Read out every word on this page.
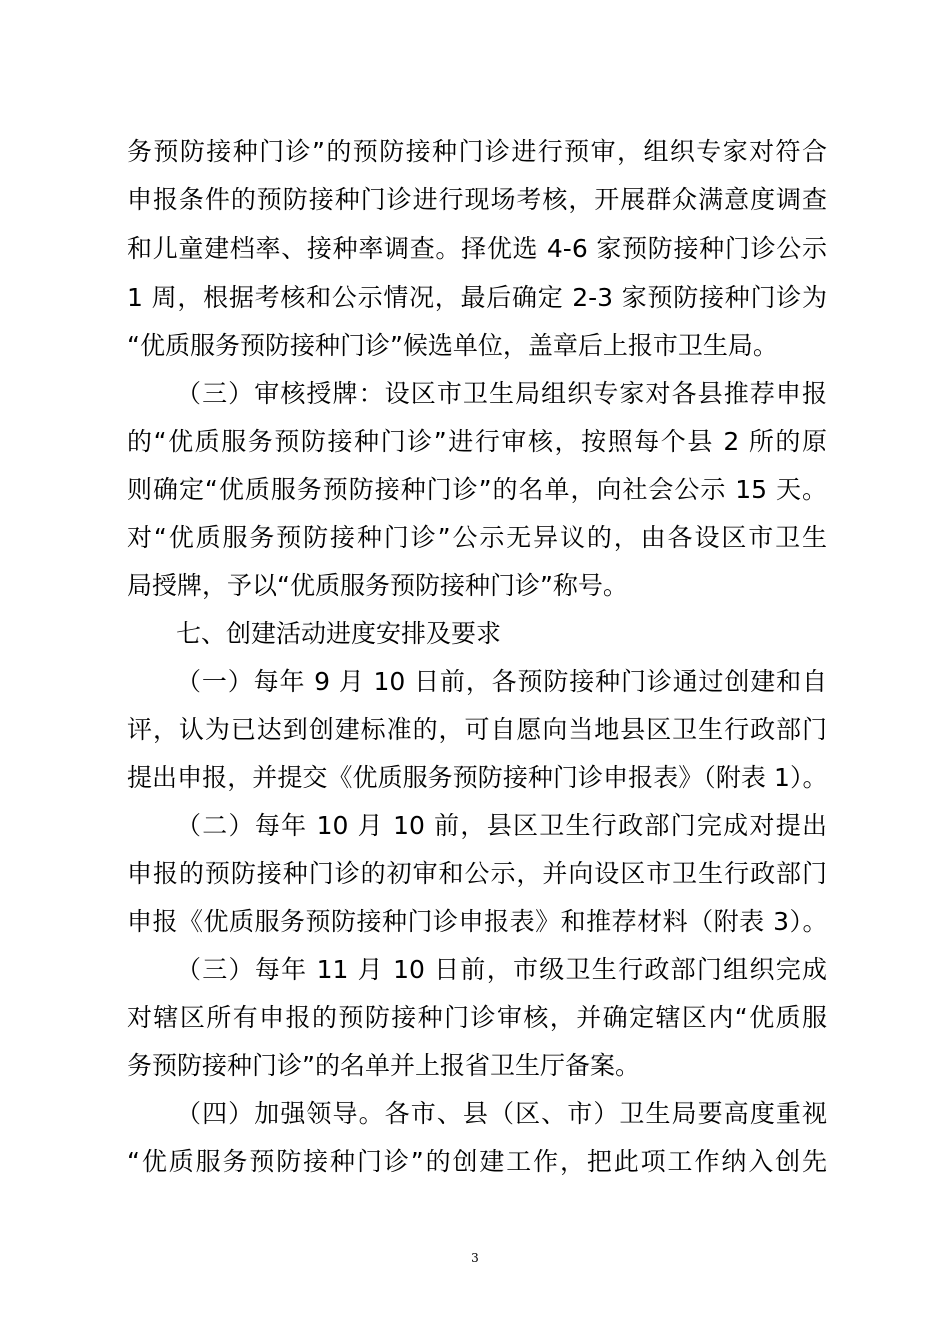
务预防接种门诊”的预防接种门诊进行预审，组织专家对符合
申报条件的预防接种门诊进行现场考核，开展群众满意度调查
和儿童建档率、接种率调查。择优选 4-6 家预防接种门诊公示
1 周，根据考核和公示情况，最后确定 2-3 家预防接种门诊为
“优质服务预防接种门诊”候选单位，盖章后上报市卫生局。
（三）审核授牌：设区市卫生局组织专家对各县推荐申报
的“优质服务预防接种门诊”进行审核，按照每个县 2 所的原
则确定“优质服务预防接种门诊”的名单，向社会公示 15 天。
对“优质服务预防接种门诊”公示无异议的，由各设区市卫生
局授牌，予以“优质服务预防接种门诊”称号。
七、创建活动进度安排及要求
（一）每年 9 月 10 日前，各预防接种门诊通过创建和自
评，认为已达到创建标准的，可自愿向当地县区卫生行政部门
提出申报，并提交《优质服务预防接种门诊申报表》（附表 1）。
（二）每年 10 月 10 前，县区卫生行政部门完成对提出
申报的预防接种门诊的初审和公示，并向设区市卫生行政部门
申报《优质服务预防接种门诊申报表》和推荐材料（附表 3）。
（三）每年 11 月 10 日前，市级卫生行政部门组织完成
对辖区所有申报的预防接种门诊审核，并确定辖区内“优质服
务预防接种门诊”的名单并上报省卫生厅备案。
（四）加强领导。各市、县（区、市）卫生局要高度重视
“优质服务预防接种门诊”的创建工作，把此项工作纳入创先
3
